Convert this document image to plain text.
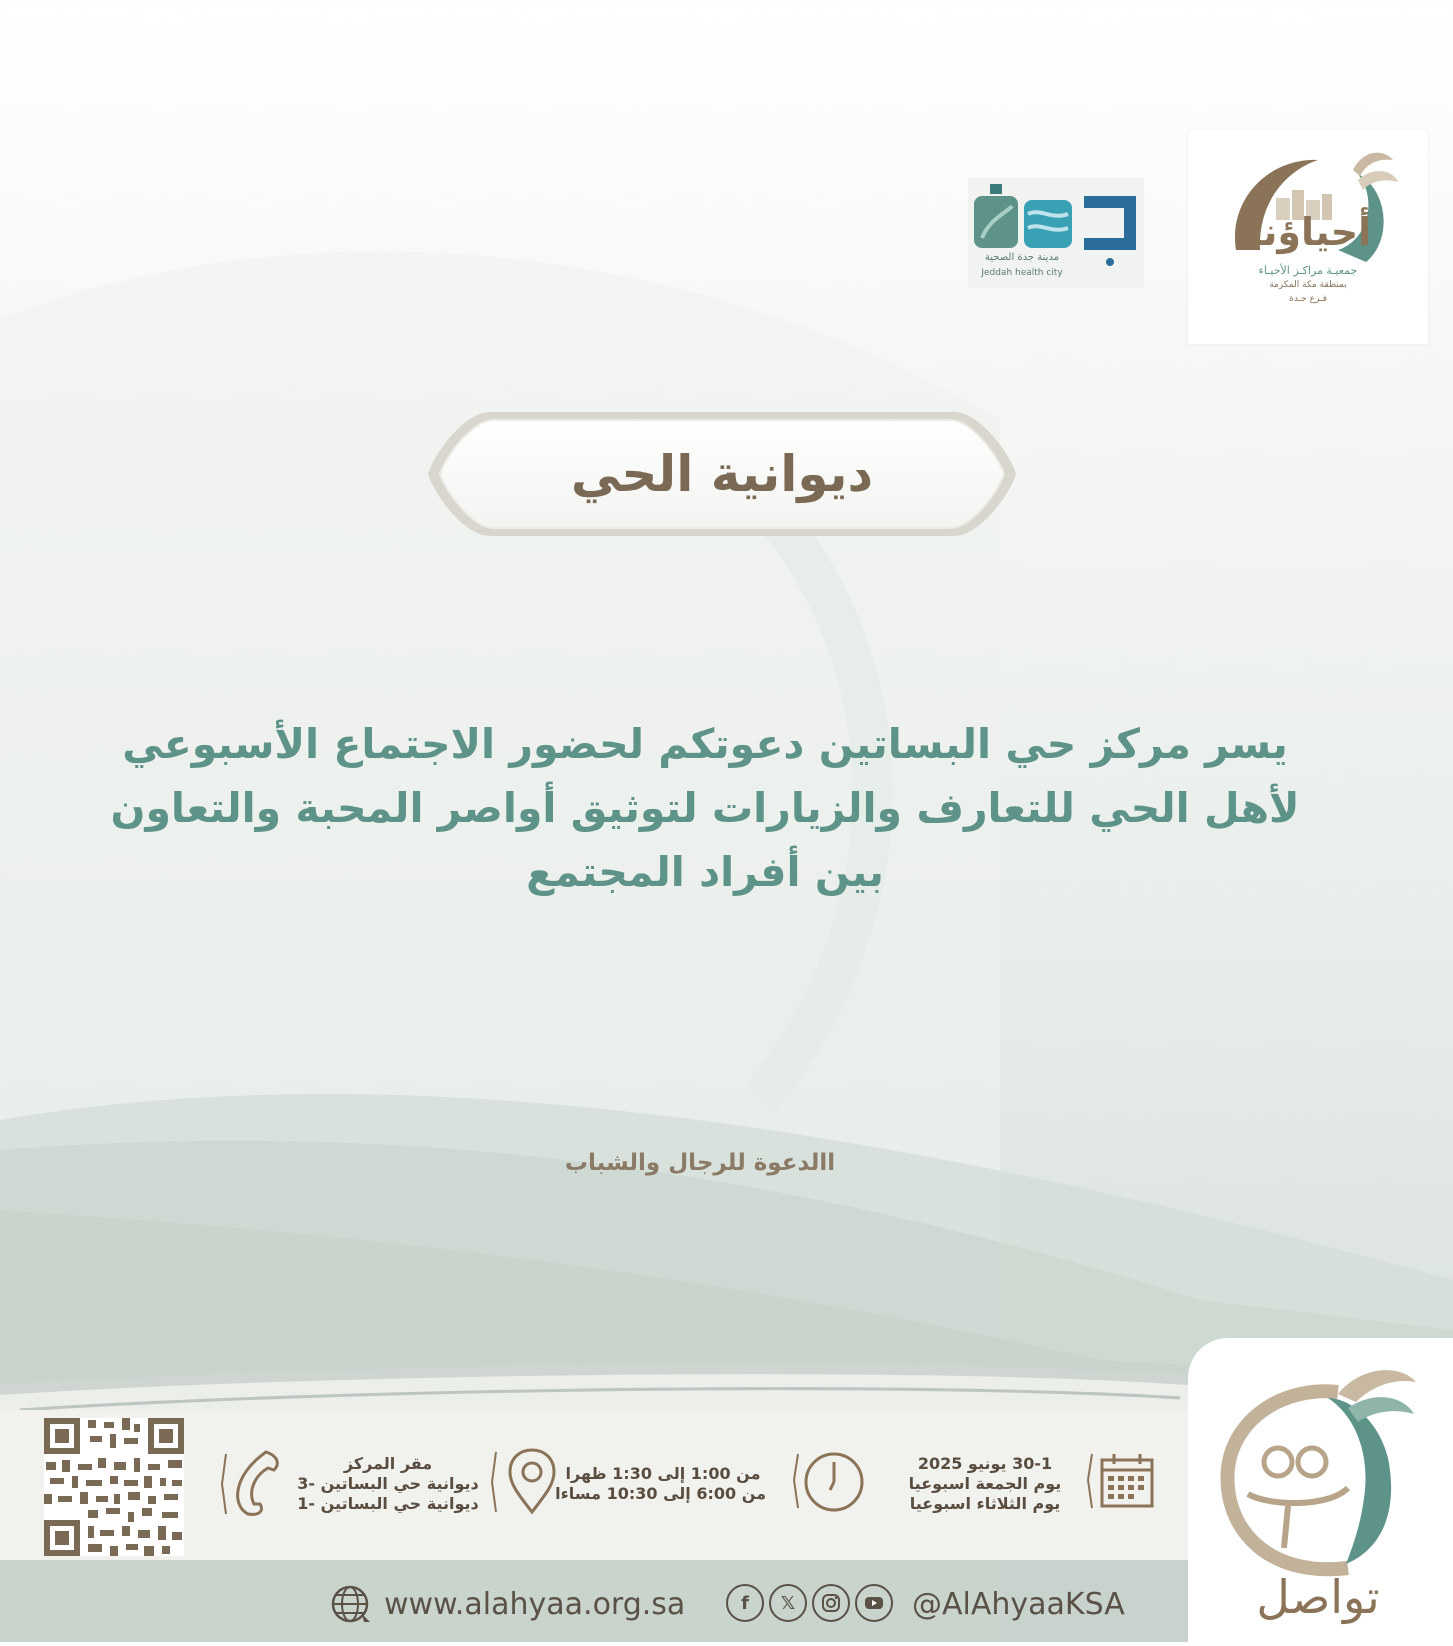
أحياؤنا
جمعيـة مراكـز الأحيـاء
بمنطقة مكة المكرمة
فـرع جـدة
مدينة جدة الصحية
Jeddah health city
ديوانية الحي
يسر مركز حي البساتين دعوتكم لحضور الاجتماع الأسبوعي
لأهل الحي للتعارف والزيارات لتوثيق أواصر المحبة والتعاون
بين أفراد المجتمع
االدعوة للرجال والشباب
30-1 يونيو 2025
يوم الجمعة اسبوعيا
يوم الثلاثاء اسبوعيا
من 1:00 إلى 1:30 ظهرا
من 6:00 إلى 10:30 مساءا
مقر المركز
ديوانية حي البساتين -3
ديوانية حي البساتين -1
تواصل
www.alahyaa.org.sa	f	𝕏	@AlAhyaaKSA
